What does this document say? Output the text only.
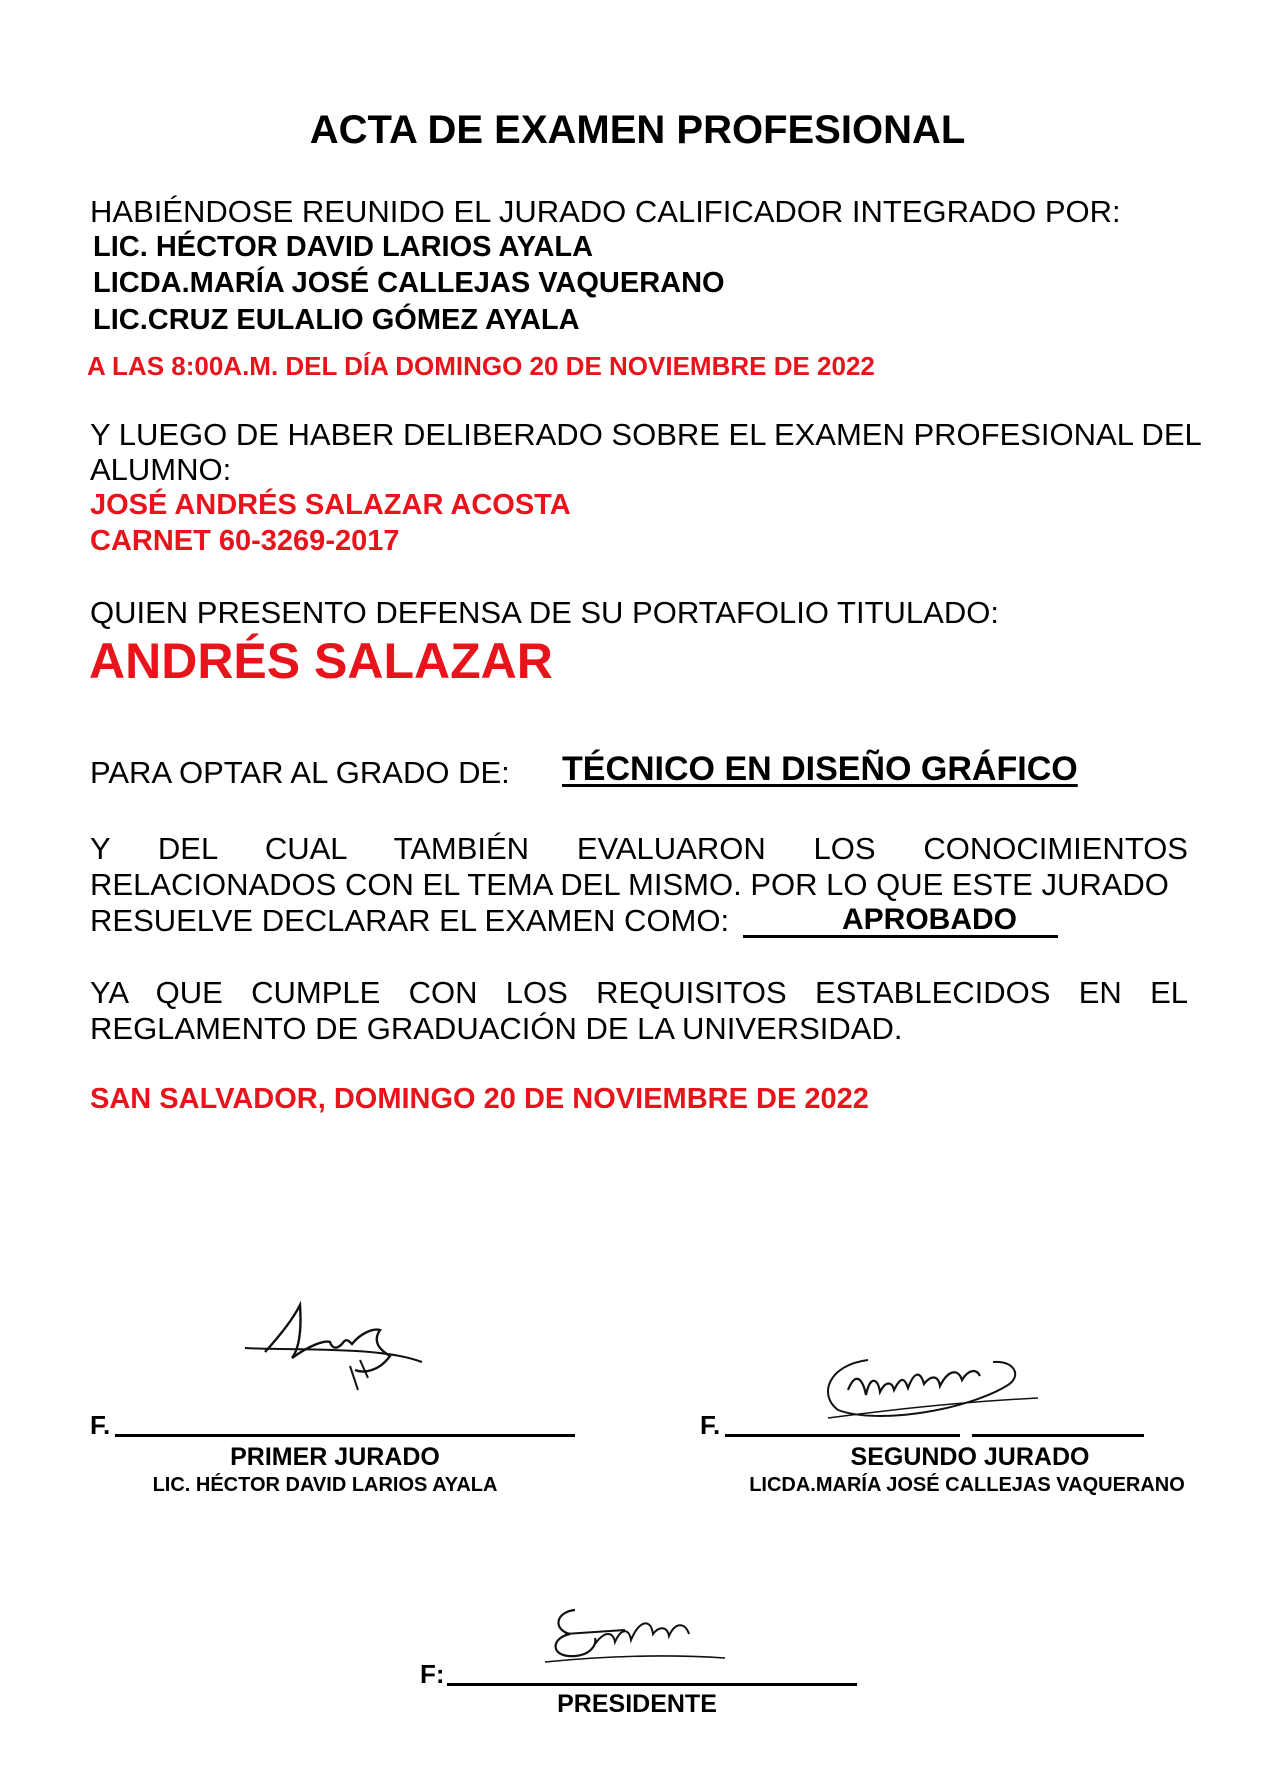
ACTA DE EXAMEN PROFESIONAL
HABIÉNDOSE REUNIDO EL JURADO CALIFICADOR INTEGRADO POR:
LIC. HÉCTOR DAVID LARIOS AYALA
LICDA.MARÍA JOSÉ CALLEJAS VAQUERANO
LIC.CRUZ EULALIO GÓMEZ AYALA
A LAS 8:00A.M. DEL DÍA DOMINGO 20 DE NOVIEMBRE DE 2022
Y LUEGO DE HABER DELIBERADO SOBRE EL EXAMEN PROFESIONAL DEL
ALUMNO:
JOSÉ ANDRÉS SALAZAR ACOSTA
CARNET 60-3269-2017
QUIEN PRESENTO DEFENSA DE SU PORTAFOLIO TITULADO:
ANDRÉS SALAZAR
PARA OPTAR AL GRADO DE: TÉCNICO EN DISEÑO GRÁFICO
Y DEL CUAL TAMBIÉN EVALUARON LOS CONOCIMIENTOS
RELACIONADOS CON EL TEMA DEL MISMO. POR LO QUE ESTE JURADO
RESUELVE DECLARAR EL EXAMEN COMO:	APROBADO
YA QUE CUMPLE CON LOS REQUISITOS ESTABLECIDOS EN EL
REGLAMENTO DE GRADUACIÓN DE LA UNIVERSIDAD.
SAN SALVADOR, DOMINGO 20 DE NOVIEMBRE DE 2022
F.
PRIMER JURADO
LIC. HÉCTOR DAVID LARIOS AYALA
F.
SEGUNDO JURADO
LICDA.MARÍA JOSÉ CALLEJAS VAQUERANO
F:
PRESIDENTE
